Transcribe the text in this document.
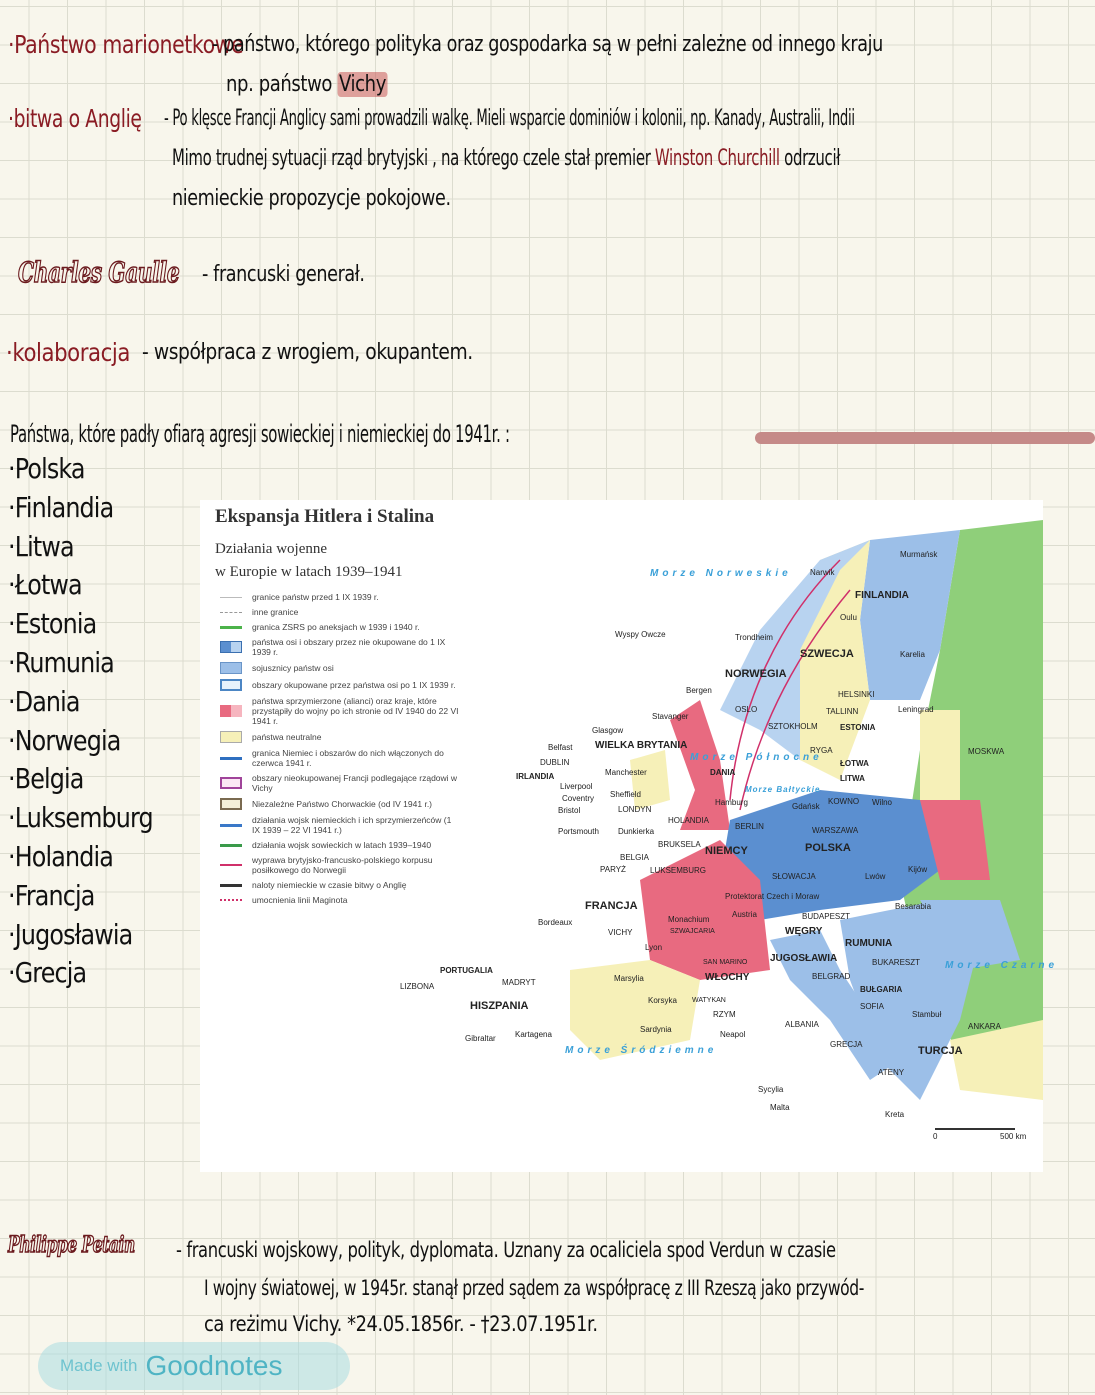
·Państwo marionetkowe
- państwo, którego polityka oraz gospodarka są w pełni zależne od innego kraju
np. państwo Vichy
·bitwa o Anglię - Po klęsce Francji Anglicy sami prowadzili walkę. Mieli wsparcie dominiów i kolonii, np. Kanady, Australii, Indii
Mimo trudnej sytuacji rząd brytyjski , na którego czele stał premier Winston Churchill odrzucił
niemieckie propozycje pokojowe.
Charles Gaulle - francuski generał.
·kolaboracja - współpraca z wrogiem, okupantem.
Państwa, które padły ofiarą agresji sowieckiej i niemieckiej do 1941r. :
·Polska
·Finlandia
·Litwa
·Łotwa
·Estonia
·Rumunia
·Dania
·Norwegia
·Belgia
·Luksemburg
·Holandia
·Francja
·Jugosławia
·Grecja
Ekspansja Hitlera i Stalina
Działania wojenne
w Europie w latach 1939–1941
granice państw przed 1 IX 1939 r.
inne granice
granica ZSRS po aneksjach w 1939 i 1940 r.
państwa osi i obszary przez nie okupowane do 1 IX 1939 r.
sojusznicy państw osi
obszary okupowane przez państwa osi po 1 IX 1939 r.
państwa sprzymierzone (alianci) oraz kraje, które przystąpiły do wojny po ich stronie od IV 1940 do 22 VI 1941 r.
państwa neutralne
granica Niemiec i obszarów do nich włączonych do czerwca 1941 r.
obszary nieokupowanej Francji podlegające rządowi w Vichy
Niezależne Państwo Chorwackie (od IV 1941 r.)
działania wojsk niemieckich i ich sprzymierzeńców (1 IX 1939 – 22 VI 1941 r.)
działania wojsk sowieckich w latach 1939–1940
wyprawa brytyjsko-francusko-polskiego korpusu posiłkowego do Norwegii
naloty niemieckie w czasie bitwy o Anglię
umocnienia linii Maginota
Morze Norweskie
Morze Północne
Morze Czarne
Morze Śródziemne
Morze Bałtyckie
NORWEGIA
SZWECJA
FINLANDIA
WIELKA BRYTANIA
IRLANDIA	DANIA
NIEMCY	POLSKA
FRANCJA
HISZPANIA
PORTUGALIA
WŁOCHY
JUGOSŁAWIA
RUMUNIA
BUŁGARIA
TURCJA
WĘGRY
ESTONIA
ŁOTWA
LITWA
Murmańsk
Oulu
Leningrad
MOSKWA
Kijów
HELSINKI
TALLINN
RYGA
KOWNO Wilno
WARSZAWA
BERLIN
PARYŻ
VICHY
Lyon
Marsylia
Bordeaux
LIZBONA	MADRYT
Gibraltar Kartagena
RZYM
Neapol
Sycylia
Malta
Kreta
ATENY
SOFIA
BUKARESZT
BELGRAD
BUDAPESZT
Stambuł
ANKARA
OSLO
Bergen
Trondheim
Narwik
SZTOKHOLM
LONDYN
Glasgow
Belfast
DUBLIN
Manchester
Sheffield
Liverpool
Coventry
Bristol
Portsmouth Dunkierka
BRUKSELA
HOLANDIA
BELGIA
LUKSEMBURG
Hamburg	Gdańsk
Monachium
Protektorat Czech i Moraw
SŁOWACJA
Austria
SZWAJCARIA
Lwów
Besarabia
Karelia
Stavanger
Wyspy Owcze
SAN MARINO
WATYKAN
Korsyka
Sardynia
ALBANIA
GRECJA
0	500 km
Philippe Petain - francuski wojskowy, polityk, dyplomata. Uznany za ocaliciela spod Verdun w czasie
I wojny światowej, w 1945r. stanął przed sądem za współpracę z III Rzeszą jako przywód-
ca reżimu Vichy. *24.05.1856r. - †23.07.1951r.
Made with Goodnotes
